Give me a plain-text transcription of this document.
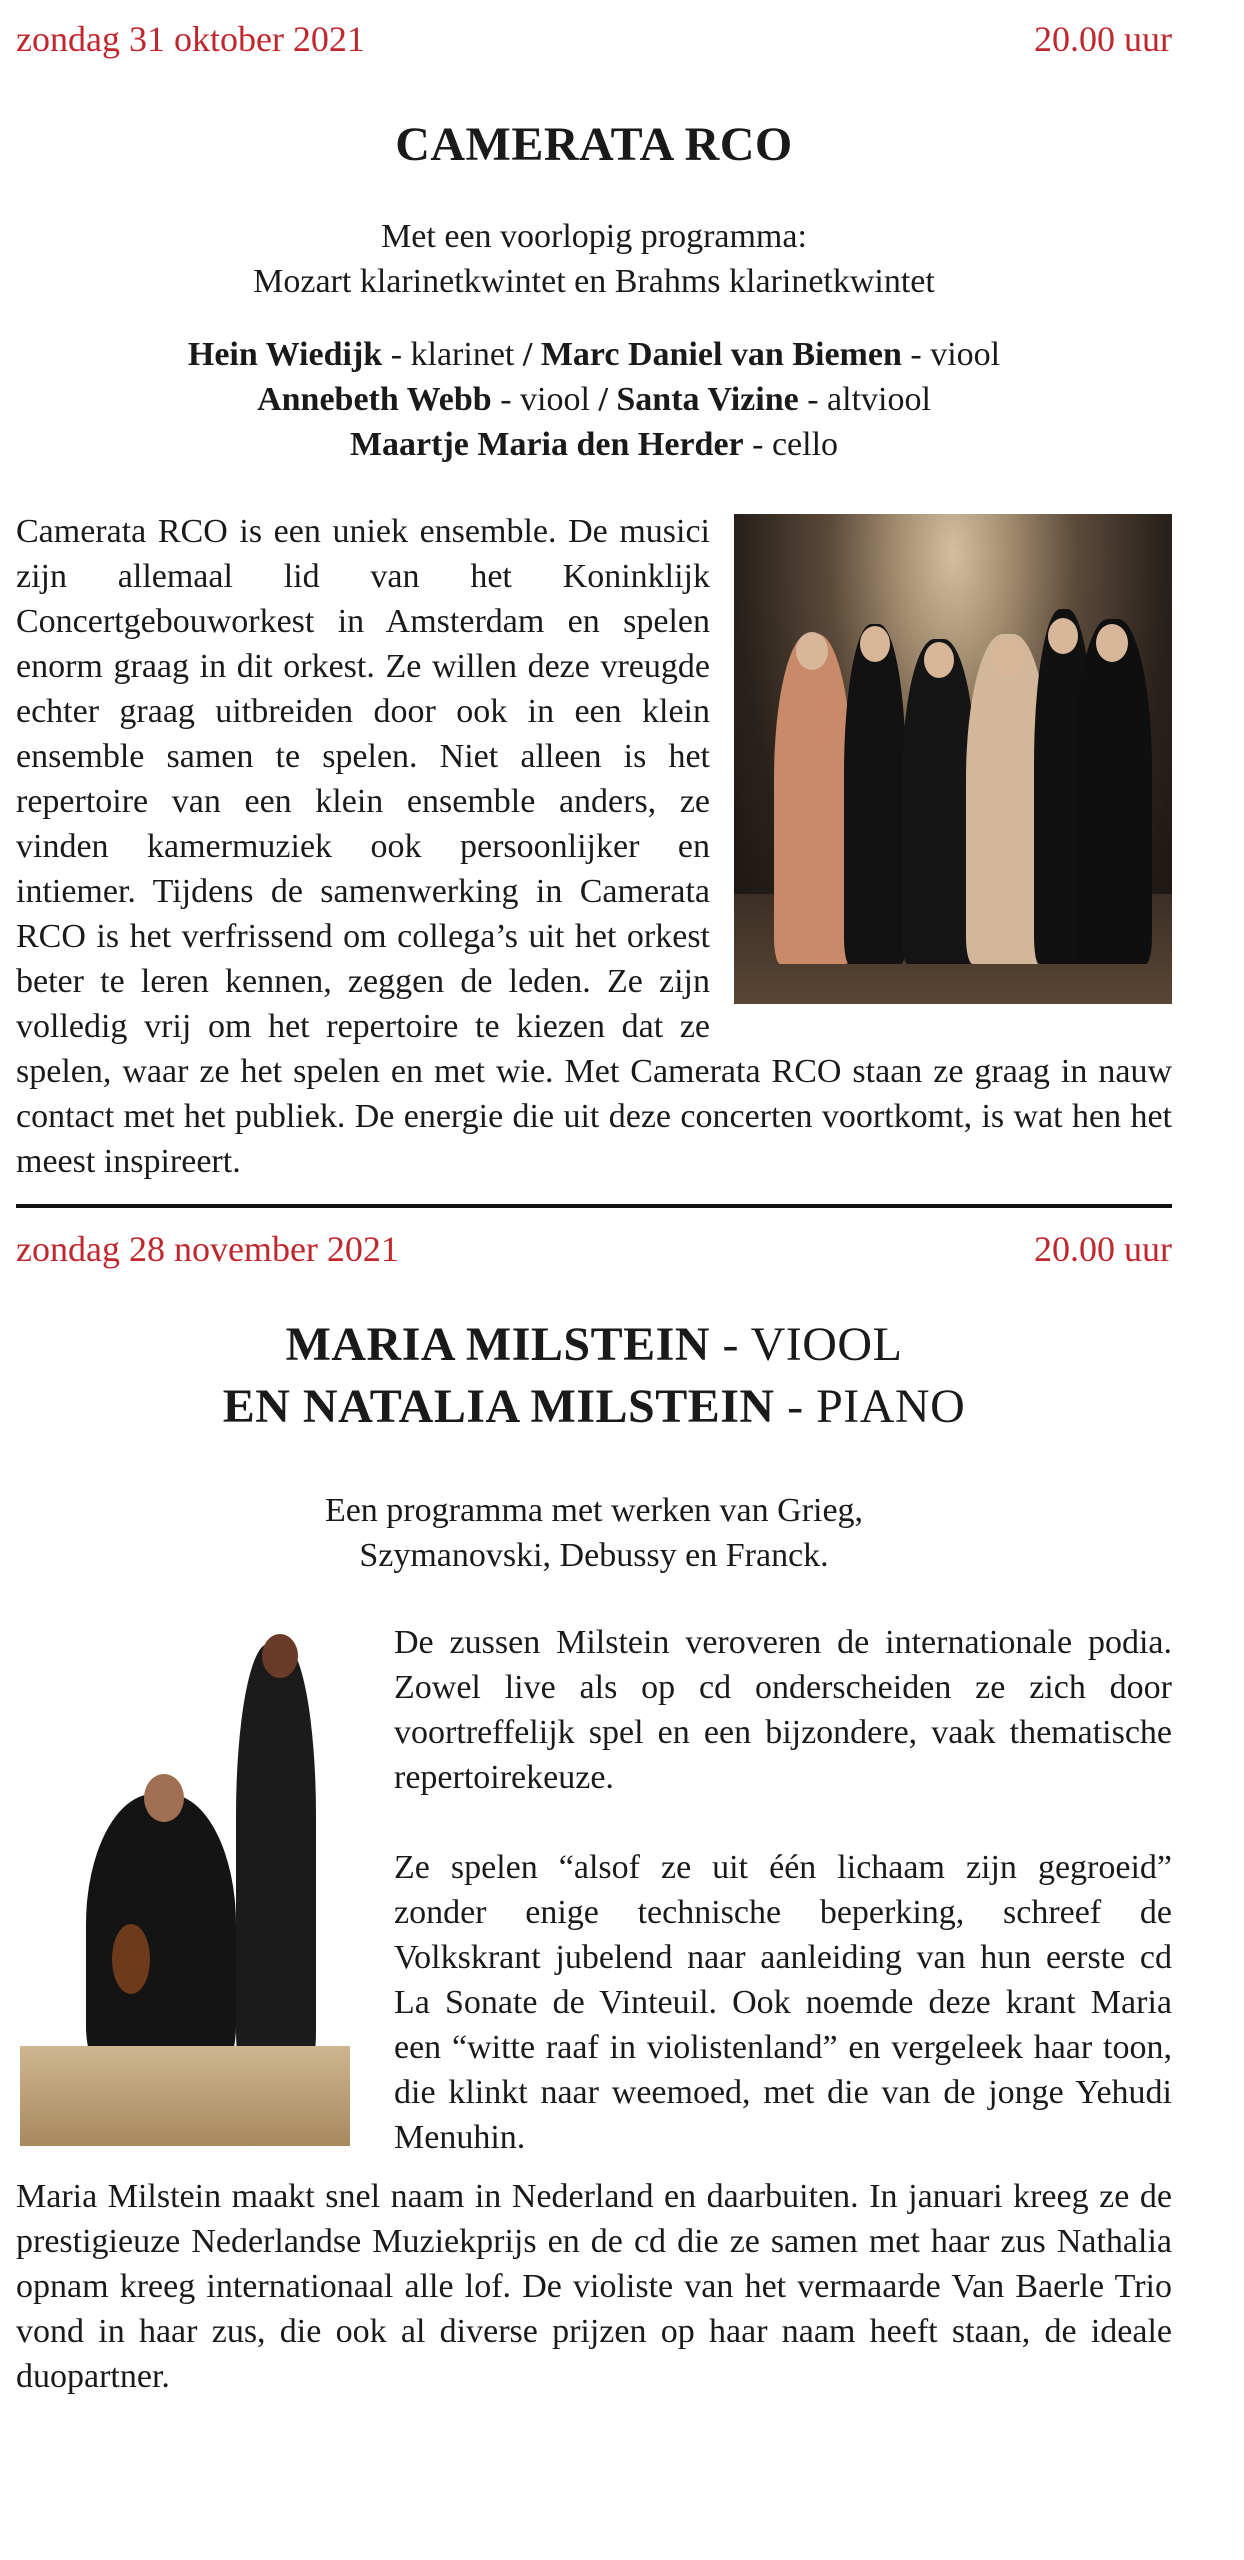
zondag 31 oktober 2021	20.00 uur
CAMERATA RCO
Met een voorlopig programma:
Mozart klarinetkwintet en Brahms klarinetkwintet
Hein Wiedijk - klarinet / Marc Daniel van Biemen - viool
Annebeth Webb - viool / Santa Vizine - altviool
Maartje Maria den Herder - cello

Camerata RCO is een uniek ensemble. De musici zijn allemaal lid van het Koninklijk Concertgebouworkest in Amsterdam en spelen enorm graag in dit orkest. Ze willen deze vreugde echter graag uitbreiden door ook in een klein ensemble samen te spelen. Niet alleen is het repertoire van een klein ensemble anders, ze vinden kamermuziek ook persoonlijker en intiemer. Tijdens de samenwerking in Camerata RCO is het verfrissend om collega’s uit het orkest beter te leren kennen, zeggen de leden. Ze zijn volledig vrij om het repertoire te kiezen dat ze spelen, waar ze het spelen en met wie. Met Camerata RCO staan ze graag in nauw contact met het publiek. De energie die uit deze concerten voortkomt, is wat hen het meest inspireert.

zondag 28 november 2021	20.00 uur
MARIA MILSTEIN - VIOOL
EN NATALIA MILSTEIN - PIANO
Een programma met werken van Grieg,
Szymanovski, Debussy en Franck.

De zussen Milstein veroveren de internationale podia. Zowel live als op cd onderscheiden ze zich door voortreffelijk spel en een bijzondere, vaak thematische repertoirekeuze.

Ze spelen “alsof ze uit één lichaam zijn gegroeid” zonder enige technische beperking, schreef de Volkskrant jubelend naar aanleiding van hun eerste cd La Sonate de Vinteuil. Ook noemde deze krant Maria een “witte raaf in violistenland” en vergeleek haar toon, die klinkt naar weemoed, met die van de jonge Yehudi Menuhin.

Maria Milstein maakt snel naam in Nederland en daarbuiten. In januari kreeg ze de prestigieuze Nederlandse Muziekprijs en de cd die ze samen met haar zus Nathalia opnam kreeg internationaal alle lof. De violiste van het vermaarde Van Baerle Trio vond in haar zus, die ook al diverse prijzen op haar naam heeft staan, de ideale duopartner.
